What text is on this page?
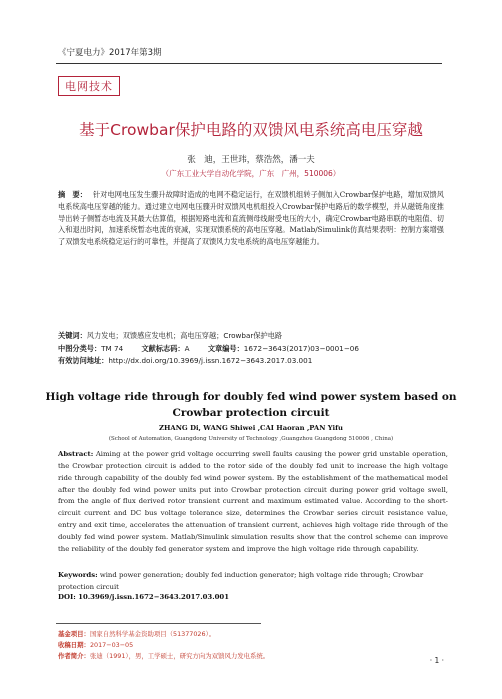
《宁夏电力》2017年第3期
电网技术
基于Crowbar保护电路的双馈风电系统高电压穿越
张　迪，王世玮，蔡浩然，潘一夫
（广东工业大学自动化学院，广东　广州，510006）
摘　要： 针对电网电压发生骤升故障时造成的电网不稳定运行，在双馈机组转子侧加入Crowbar保护电路，增加双馈风电系统高电压穿越的能力。通过建立电网电压骤升时双馈风电机组投入Crowbar保护电路后的数学模型，并从磁链角度推导出转子侧暂态电流及其最大估算值，根据短路电流和直流侧母线耐受电压的大小，确定Crowbar电路串联的电阻值、切入和退出时间，加速系统暂态电流的衰减，实现双馈系统的高电压穿越。Matlab/Simulink仿真结果表明：控制方案增强了双馈发电系统稳定运行的可靠性，并提高了双馈风力发电系统的高电压穿越能力。
关键词：风力发电；双馈感应发电机；高电压穿越；Crowbar保护电路
中图分类号：TM 74	文献标志码：A	文章编号：1672−3643(2017)03−0001−06
有效访问地址：http://dx.doi.org/10.3969/j.issn.1672−3643.2017.03.001
High voltage ride through for doubly fed wind power system based on
Crowbar protection circuit
ZHANG Di, WANG Shiwei ,CAI Haoran ,PAN Yifu
(School of Automation, Guangdong University of Technology ,Guangzhou Guangdong 510006 , China)
Abstract: Aiming at the power grid voltage occurring swell faults causing the power grid unstable operation, the Crowbar protection circuit is added to the rotor side of the doubly fed unit to increase the high voltage ride through capability of the doubly fed wind power system. By the establishment of the mathematical model after the doubly fed wind power units put into Crowbar protection circuit during power grid voltage swell, from the angle of flux derived rotor transient current and maximum estimated value. According to the short- circuit current and DC bus voltage tolerance size, determines the Crowbar series circuit resistance value, entry and exit time, accelerates the attenuation of transient current, achieves high voltage ride through of the doubly fed wind power system. Matlab/Simulink simulation results show that the control scheme can improve the reliability of the doubly fed generator system and improve the high voltage ride through capability.
Keywords: wind power generation; doubly fed induction generator; high voltage ride through; Crowbar protection circuit
DOI: 10.3969/j.issn.1672−3643.2017.03.001
基金项目：国家自然科学基金资助项目（51377026）。
收稿日期：2017−03−05
作者简介：张迪（1991），男，工学硕士，研究方向为双馈风力发电系统。	· 1 ·
